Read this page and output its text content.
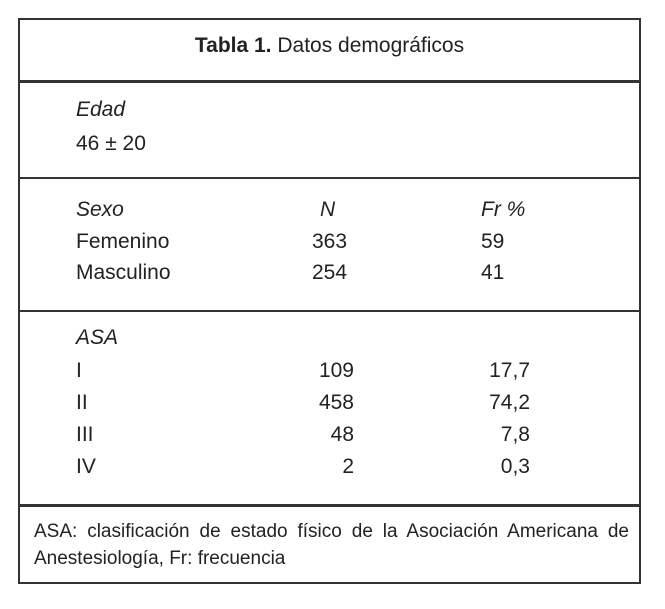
Tabla 1. Datos demográficos
Edad
46 ± 20
Sexo	N	Fr %
Femenino	363	59
Masculino	254	41
ASA
I	109	17,7
II	458	74,2
III	48	7,8
IV	2	0,3
ASA: clasificación de estado físico de la Asociación Americana de Anestesiología, Fr: frecuencia
